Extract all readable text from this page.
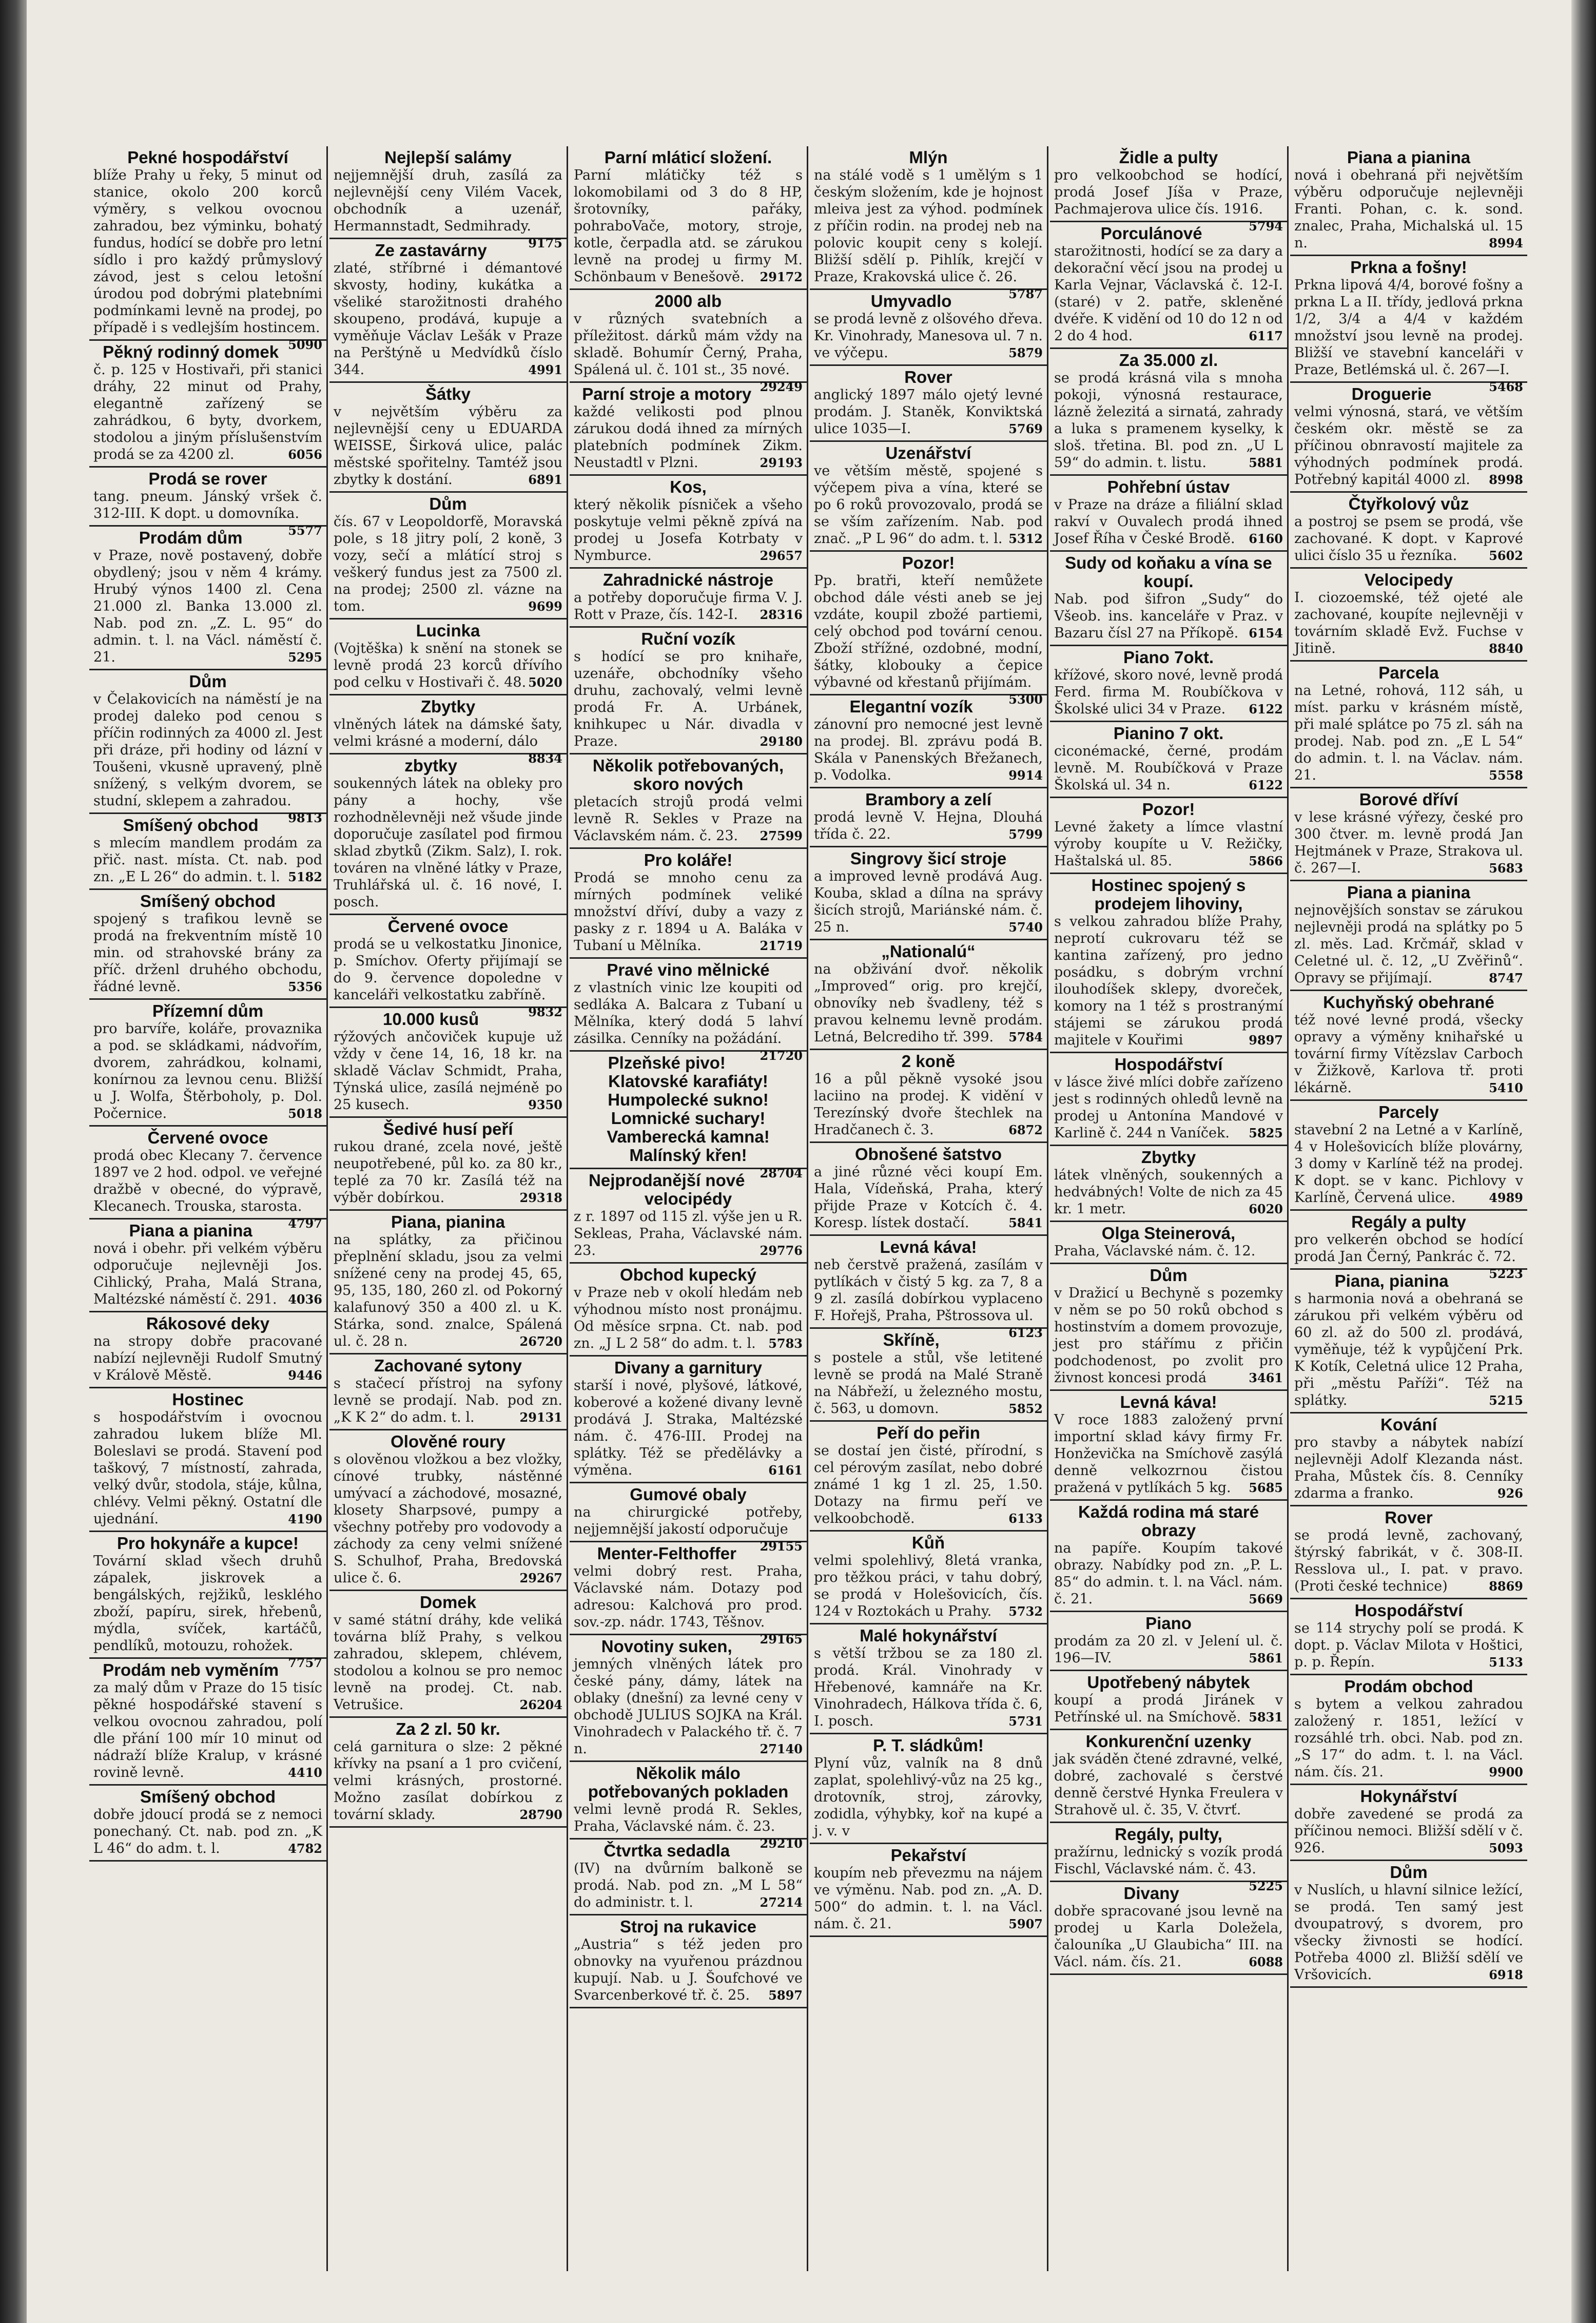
Pekné hospodářství

blíže Prahy u řeky, 5 minut od stanice, okolo 200 korců výměry, s velkou ovocnou zahradou, bez výminku, bohatý fundus, hodící se dobře pro letní sídlo i pro každý průmyslový závod, jest s celou letošní úrodou pod dobrými platebními podmínkami levně na prodej, po případě i s vedlejším hostincem.
5090

Pěkný rodinný domek

č. p. 125 v Hostivaři, při stanici dráhy, 22 minut od Prahy, elegantně zařízený se zahrádkou, 6 byty, dvorkem, stodolou a jiným příslušenstvím prodá se za 4200 zl.	6056

Prodá se rover

tang. pneum. Jánský vršek č. 312-III. K dopt. u domovníka.
5577

Prodám dům

v Praze, nově postavený, dobře obydlený; jsou v něm 4 krámy. Hrubý výnos 1400 zl. Cena 21.000 zl. Banka 13.000 zl. Nab. pod zn. „Z. L. 95“ do admin. t. l. na Václ. náměstí č. 21.	5295

Dům

v Čelakovicích na náměstí je na prodej daleko pod cenou s příčin rodinných za 4000 zl. Jest při dráze, při hodiny od lázní v Toušeni, vkusně upravený, plně snížený, s velkým dvorem, se studní, sklepem a zahradou.
9813

Smíšený obchod

s mlecím mandlem prodám za přič. nast. místa. Ct. nab. pod zn. „E L 26“ do admin. t. l. 5182

Smíšený obchod

spojený s trafikou levně se prodá na frekventním místě 10 min. od strahovské brány za příč. drženl druhého obchodu, řádné levně.	5356

Přízemní dům

pro barvíře, koláře, provaznika a pod. se skládkami, nádvořím, dvorem, zahrádkou, kolnami, konírnou za levnou cenu. Bližší u J. Wolfa, Štěrboholy, p. Dol. Počernice.	5018

Červené ovoce

prodá obec Klecany 7. července 1897 ve 2 hod. odpol. ve veřejné dražbě v obecné, do výpravě, Klecanech. Trouska, starosta.
4797

Piana a pianina

nová i obehr. při velkém výběru odporučuje nejlevněji Jos. Cihlický, Praha, Malá Strana, Maltézské náměstí č. 291. 4036

Rákosové deky

na stropy dobře pracované nabízí nejlevněji Rudolf Smutný v Králově Městě.	9446

Hostinec

s hospodářstvím i ovocnou zahradou lukem blíže Ml. Boleslavi se prodá. Stavení pod taškový, 7 místností, zahrada, velký dvůr, stodola, stáje, kůlna, chlévy. Velmi pěkný. Ostatní dle ujednání.	4190

Pro hokynáře a kupce!

Tovární sklad všech druhů zápalek, jiskrovek a bengálských, rejžiků, lesklého zboží, papíru, sirek, hřebenů, mýdla, svíček, kartáčů, pendlíků, motouzu, rohožek.
7757

Prodám neb vyměním

za malý dům v Praze do 15 tisíc pěkné hospodářské stavení s velkou ovocnou zahradou, polí dle přání 100 mír 10 minut od nádraží blíže Kralup, v krásné rovině levně.	4410

Smíšený obchod

dobře jdoucí prodá se z nemoci ponechaný. Ct. nab. pod zn. „K L 46“ do adm. t. l.	4782

Nejlepší salámy

nejjemnější druh, zasílá za nejlevnější ceny Vilém Vacek, obchodník a uzenář, Hermannstadt, Sedmihrady.
9175

Ze zastavárny

zlaté, stříbrné i démantové skvosty, hodiny, kukátka a všeliké starožitnosti drahého skoupeno, prodává, kupuje a vyměňuje Václav Lešák v Praze na Perštýně u Medvídků číslo 344.	4991

Šátky

v největším výběru za nejlevnější ceny u EDUARDA WEISSE, Širková ulice, palác městské spořitelny. Tamtéž jsou zbytky k dostání.	6891

Dům

čís. 67 v Leopoldorfě, Moravská pole, s 18 jitry polí, 2 koně, 3 vozy, sečí a mlátící stroj s veškerý fundus jest za 7500 zl. na prodej; 2500 zl. vázne na tom.	9699

Lucinka

(Vojtěška) k snění na stonek se levně prodá 23 korců dřívího pod celku v Hostivaři č. 48. 5020

Zbytky

vlněných látek na dámské šaty, velmi krásné a moderní, dálo
8834

zbytky

soukenných látek na obleky pro pány a hochy, vše rozhodnělevněji než všude jinde doporučuje zasílatel pod firmou sklad zbytků (Zikm. Salz), I. rok. továren na vlněné látky v Praze, Truhlářská ul. č. 16 nové, I. posch.

Červené ovoce

prodá se u velkostatku Jinonice, p. Smíchov. Oferty přijímají se do 9. července dopoledne v kanceláři velkostatku zabříně.
9832

10.000 kusů

rýžových ančoviček kupuje už vždy v čene 14, 16, 18 kr. na skladě Václav Schmidt, Praha, Týnská ulice, zasílá nejméně po 25 kusech.	9350

Šedivé husí peří

rukou drané, zcela nové, ještě neupotřebené, půl ko. za 80 kr., teplé za 70 kr. Zasílá též na výběr dobírkou.	29318

Piana, pianina

na splátky, za přičinou přeplnění skladu, jsou za velmi snížené ceny na prodej 45, 65, 95, 135, 180, 260 zl. od Pokorný kalafunový 350 a 400 zl. u K. Stárka, sond. znalce, Spálená ul. č. 28 n.	26720

Zachované sytony

s stačecí přístroj na syfony levně se prodají. Nab. pod zn. „K K 2“ do adm. t. l.	29131

Olověné roury

s olověnou vložkou a bez vložky, cínové trubky, nástěnné umývací a záchodové, mosazné, klosety Sharpsové, pumpy a všechny potřeby pro vodovody a záchody za ceny velmi snížené S. Schulhof, Praha, Bredovská ulice č. 6.	29267

Domek

v samé státní dráhy, kde veliká továrna blíž Prahy, s velkou zahradou, sklepem, chlévem, stodolou a kolnou se pro nemoc levně na prodej. Ct. nab. Vetrušice.	26204

Za 2 zl. 50 kr.

celá garnitura o slze: 2 pěkné křívky na psaní a 1 pro cvičení, velmi krásných, prostorné. Možno zasílat dobírkou z tovární sklady.	28790

Parní mláticí složení.

Parní mlátičky též s lokomobilami od 3 do 8 HP, šrotovníky, pařáky, pohraboVače, motory, stroje, kotle, čerpadla atd. se zárukou levně na prodej u firmy M. Schönbaum v Benešově. 29172

2000 alb

v různých svatebních a příležitost. dárků mám vždy na skladě. Bohumír Černý, Praha, Spálená ul. č. 101 st., 35 nové.
29249

Parní stroje a motory

každé velikosti pod plnou zárukou dodá ihned za mírných platebních podmínek Zikm. Neustadtl v Plzni.	29193

Kos,

který několik písniček a všeho poskytuje velmi pěkně zpívá na prodej u Josefa Kotrbaty v Nymburce.	29657

Zahradnické nástroje

a potřeby doporučuje firma V. J. Rott v Praze, čís. 142-I. 28316

Ruční vozík

s hodící se pro knihaře, uzenáře, obchodníky všeho druhu, zachovalý, velmi levně prodá Fr. A. Urbánek, knihkupec u Nár. divadla v Praze.	29180

Několik potřebovaných, skoro nových

pletacích strojů prodá velmi levně R. Sekles v Praze na Václavském nám. č. 23. 27599

Pro koláře!

Prodá se mnoho cenu za mírných podmínek veliké množství dříví, duby a vazy z pasky z r. 1894 u A. Baláka v Tubaní u Mělníka.	21719

Pravé vino mělnické

z vlastních vinic lze koupiti od sedláka A. Balcara z Tubaní u Mělníka, který dodá 5 lahví zásilka. Cenníky na požádání.
21720

Plzeňské pivo! Klatovské karafiáty! Humpolecké sukno! Lomnické suchary! Vamberecká kamna! Malínský křen!

28704

Nejprodanější nové velocipédy

z r. 1897 od 115 zl. výše jen u R. Sekleas, Praha, Václavské nám. 23.	29776

Obchod kupecký

v Praze neb v okolí hledám neb výhodnou místo nost pronájmu. Od měsíce srpna. Ct. nab. pod zn. „J L 2 58“ do adm. t. l. 5783

Divany a garnitury

starší i nové, plyšové, látkové, koberové a kožené divany levně prodává J. Straka, Maltézské nám. č. 476-III. Prodej na splátky. Též se předělávky a výměna.	6161

Gumové obaly

na chirurgické potřeby, nejjemnější jakostí odporučuje
29155

Menter-Felthoffer

velmi dobrý rest. Praha, Václavské nám. Dotazy pod adresou: Kalchová pro prod. sov.-zp. nádr. 1743, Těšnov.
29165

Novotiny suken,

jemných vlněných látek pro české pány, dámy, látek na oblaky (dnešní) za levné ceny v obchodě JULIUS SOJKA na Král. Vinohradech v Palackého tř. č. 7 n.	27140

Několik málo potřebovaných pokladen

velmi levně prodá R. Sekles, Praha, Václavské nám. č. 23.
29210

Čtvrtka sedadla

(IV) na dvůrním balkoně se prodá. Nab. pod zn. „M L 58“ do administr. t. l.	27214

Stroj na rukavice

„Austria“ s též jeden pro obnovky na vyuřenou prázdnou kupují. Nab. u J. Šoufchové ve Svarcenberkové tř. č. 25. 5897

Mlýn

na stálé vodě s 1 umělým s 1 českým složením, kde je hojnost mleiva jest za výhod. podmínek z příčin rodin. na prodej neb na polovic koupit ceny s kolejí. Bližší sdělí p. Pihlík, krejčí v Praze, Krakovská ulice č. 26.
5787

Umyvadlo

se prodá levně z olšového dřeva. Kr. Vinohrady, Manesova ul. 7 n. ve výčepu.	5879

Rover

anglický 1897 málo ojetý levné prodám. J. Staněk, Konviktská ulice 1035—I.	5769

Uzenářství

ve větším městě, spojené s výčepem piva a vína, které se po 6 roků provozovalo, prodá se se vším zařízením. Nab. pod znač. „P L 96“ do adm. t. l. 5312

Pozor!

Pp. bratři, kteří nemůžete obchod dále vésti aneb se jej vzdáte, koupil zbožé partiemi, celý obchod pod tovární cenou. Zboží střížné, ozdobné, modní, šátky, klobouky a čepice výbavné od křestanů přijímám.
5300

Elegantní vozík

zánovní pro nemocné jest levně na prodej. Bl. zprávu podá B. Skála v Panenských Břežanech, p. Vodolka.	9914

Brambory a zelí

prodá levně V. Hejna, Dlouhá třída č. 22.	5799

Singrovy šicí stroje

a improved levně prodává Aug. Kouba, sklad a dílna na správy šicích strojů, Mariánské nám. č. 25 n.	5740

„Nationalú“

na obživání dvoř. několik „Improved“ orig. pro krejčí, obnovíky neb švadleny, též s pravou kelnemu levně prodám. Letná, Belcrediho tř. 399. 5784

2 koně

16 a půl pěkně vysoké jsou laciino na prodej. K vidění v Terezínský dvoře štechlek na Hradčanech č. 3.	6872

Obnošené šatstvo

a jiné různé věci koupí Em. Hala, Vídeňská, Praha, který přijde Praze v Kotcích č. 4. Koresp. lístek dostačí.	5841

Levná káva!

neb čerstvě pražená, zasílám v pytlíkách v čistý 5 kg. za 7, 8 a 9 zl. zasílá dobírkou vyplaceno F. Hořejš, Praha, Pštrossova ul.
6123

Skříně,

s postele a stůl, vše letitené levně se prodá na Malé Straně na Nábřeží, u železného mostu, č. 563, u domovn.	5852

Peří do peřin

se dostaí jen čisté, přírodní, s cel pérovým zasílat, nebo dobré známé 1 kg 1 zl. 25, 1.50. Dotazy na firmu peří ve velkoobchodě.	6133

Kůň

velmi spolehlivý, 8letá vranka, pro těžkou práci, v tahu dobrý, se prodá v Holešovicích, čís. 124 v Roztokách u Prahy. 5732

Malé hokynářství

s větší tržbou se za 180 zl. prodá. Král. Vinohrady v Hřebenové, kamnáře na Kr. Vinohradech, Hálkova třída č. 6, I. posch.	5731

P. T. sládkům!

Plyní vůz, valník na 8 dnů zaplat, spolehlivý-vůz na 25 kg., drotovník, stroj, zárovky, zodidla, výhybky, koř na kupé a j. v. v

Pekařství

koupím neb převezmu na nájem ve výměnu. Nab. pod zn. „A. D. 500“ do admin. t. l. na Václ. nám. č. 21.	5907

Židle a pulty

pro velkoobchod se hodící, prodá Josef Jíša v Praze, Pachmajerova ulice čís. 1916.
5794

Porculánové

starožitnosti, hodící se za dary a dekorační věcí jsou na prodej u Karla Vejnar, Václavská č. 12-I. (staré) v 2. patře, skleněné dvéře. K vidění od 10 do 12 n od 2 do 4 hod.	6117

Za 35.000 zl.

se prodá krásná vila s mnoha pokoji, výnosná restaurace, lázně železitá a sirnatá, zahrady a luka s pramenem kyselky, k sloš. třetina. Bl. pod zn. „U L 59“ do admin. t. listu.	5881

Pohřební ústav

v Praze na dráze a filiální sklad rakví v Ouvalech prodá ihned Josef Říha v České Brodě. 6160

Sudy od koňaku a vína se koupí.

Nab. pod šifron „Sudy“ do Všeob. ins. kanceláře v Praz. v Bazaru čísl 27 na Příkopě. 6154

Piano 7okt.

křížové, skoro nové, levně prodá Ferd. firma M. Roubíčkova v Školské ulici 34 v Praze. 6122

Pianino 7 okt.

ciconémacké, černé, prodám levně. M. Roubíčková v Praze Školská ul. 34 n.	6122

Pozor!

Levné žakety a límce vlastní výroby koupíte u V. Režičky, Haštalská ul. 85.	5866

Hostinec spojený s prodejem lihoviny,

s velkou zahradou blíže Prahy, neprotí cukrovaru též se kantina zařízený, pro jedno posádku, s dobrým vrchní ilouhodíšek sklepy, dvoreček, komory na 1 též s prostranýmí stájemi se zárukou prodá majitele v Kouřimi	9897

Hospodářství

v lásce živé mlíci dobře zařízeno jest s rodinných ohledů levně na prodej u Antonína Mandové v Karlině č. 244 n Vaníček. 5825

Zbytky

látek vlněných, soukenných a hedvábných! Volte de nich za 45 kr. 1 metr.	6020

Olga Steinerová,

Praha, Václavské nám. č. 12.

Dům

v Dražicí u Bechyně s pozemky v něm se po 50 roků obchod s hostinstvím a domem provozuje, jest pro stářímu z přičin podchodenost, po zvolit pro živnost koncesi prodá	3461

Levná káva!

V roce 1883 založený první importní sklad kávy firmy Fr. Honževička na Smíchově zasýlá denně velkozrnou čistou pražená v pytlíkách 5 kg. 5685

Každá rodina má staré obrazy

na papíře. Koupím takové obrazy. Nabídky pod zn. „P. L. 85“ do admin. t. l. na Václ. nám. č. 21.	5669

Piano

prodám za 20 zl. v Jelení ul. č. 196—IV.	5861

Upotřebený nábytek

koupí a prodá Jiránek v Petřínské ul. na Smíchově. 5831

Konkurenční uzenky

jak sváděn čtené zdravné, velké, dobré, zachovalé s čerstvé denně čerstvé Hynka Freulera v Strahově ul. č. 35, V. čtvrť.

Regály, pulty,

pražírnu, lednický s vozík prodá Fischl, Václavské nám. č. 43.
5225

Divany

dobře spracované jsou levně na prodej u Karla Doležela, čalouníka „U Glaubicha“ III. na Václ. nám. čís. 21.	6088

Piana a pianina

nová i obehraná při největším výběru odporučuje nejlevněji Franti. Pohan, c. k. sond. znalec, Praha, Michalská ul. 15 n.	8994

Prkna a fošny!

Prkna lipová 4/4, borové fošny a prkna L a II. třídy, jedlová prkna 1/2, 3/4 a 4/4 v každém množství jsou levně na prodej. Bližší ve stavební kanceláři v Praze, Betlémská ul. č. 267—I.
5468

Droguerie

velmi výnosná, stará, ve větším českém okr. městě se za příčinou obnravostí majitele za výhodných podmínek prodá. Potřebný kapitál 4000 zl. 8998

Čtyřkolový vůz

a postroj se psem se prodá, vše zachované. K dopt. v Kaprové ulici číslo 35 u řezníka.	5602

Velocipedy

I. ciozoemské, též ojeté ale zachované, koupíte nejlevněji v továrním skladě Evž. Fuchse v Jitině.	8840

Parcela

na Letné, rohová, 112 sáh, u míst. parku v krásném místě, při malé splátce po 75 zl. sáh na prodej. Nab. pod zn. „E L 54“ do admin. t. l. na Václav. nám. 21.	5558

Borové dříví

v lese krásné výřezy, české pro 300 čtver. m. levně prodá Jan Hejtmánek v Praze, Strakova ul. č. 267—I.	5683

Piana a pianina

nejnovějších sonstav se zárukou nejlevněji prodá na splátky po 5 zl. měs. Lad. Krčmář, sklad v Celetné ul. č. 12, „U Zvěřinů“. Opravy se přijímají.	8747

Kuchyňský obehrané

též nové levné prodá, všecky opravy a výměny knihařské u tovární firmy Vítězslav Carboch v Žižkově, Karlova tř. proti lékárně.	5410

Parcely

stavební 2 na Letné a v Karlíně, 4 v Holešovicích blíže plovárny, 3 domy v Karlíně též na prodej. K dopt. se v kanc. Pichlovy v Karlíně, Červená ulice.	4989

Regály a pulty

pro velkerén obchod se hodící prodá Jan Černý, Pankrác č. 72.
5223

Piana, pianina

s harmonia nová a obehraná se zárukou při velkém výběru od 60 zl. až do 500 zl. prodává, vyměňuje, též k vypůjčení Prk. K Kotík, Celetná ulice 12 Praha, při „městu Paříži“. Též na splátky.	5215

Kování

pro stavby a nábytek nabízí nejlevněji Adolf Klezanda nást. Praha, Můstek čís. 8. Cenníky zdarma a franko.	926

Rover

se prodá levně, zachovaný, štýrský fabrikát, v č. 308-II. Resslova ul., I. pat. v pravo. (Proti české technice)	8869

Hospodářství

se 114 strychy polí se prodá. K dopt. p. Václav Milota v Hoštici, p. p. Řepín.	5133

Prodám obchod

s bytem a velkou zahradou založený r. 1851, ležící v rozsáhlé trh. obci. Nab. pod zn. „S 17“ do adm. t. l. na Václ. nám. čís. 21.	9900

Hokynářství

dobře zavedené se prodá za příčinou nemoci. Bližší sdělí v č. 926.	5093

Dům

v Nuslích, u hlavní silnice ležící, se prodá. Ten samý jest dvoupatrový, s dvorem, pro všecky živnosti se hodící. Potřeba 4000 zl. Bližší sdělí ve Vršovicích.	6918
